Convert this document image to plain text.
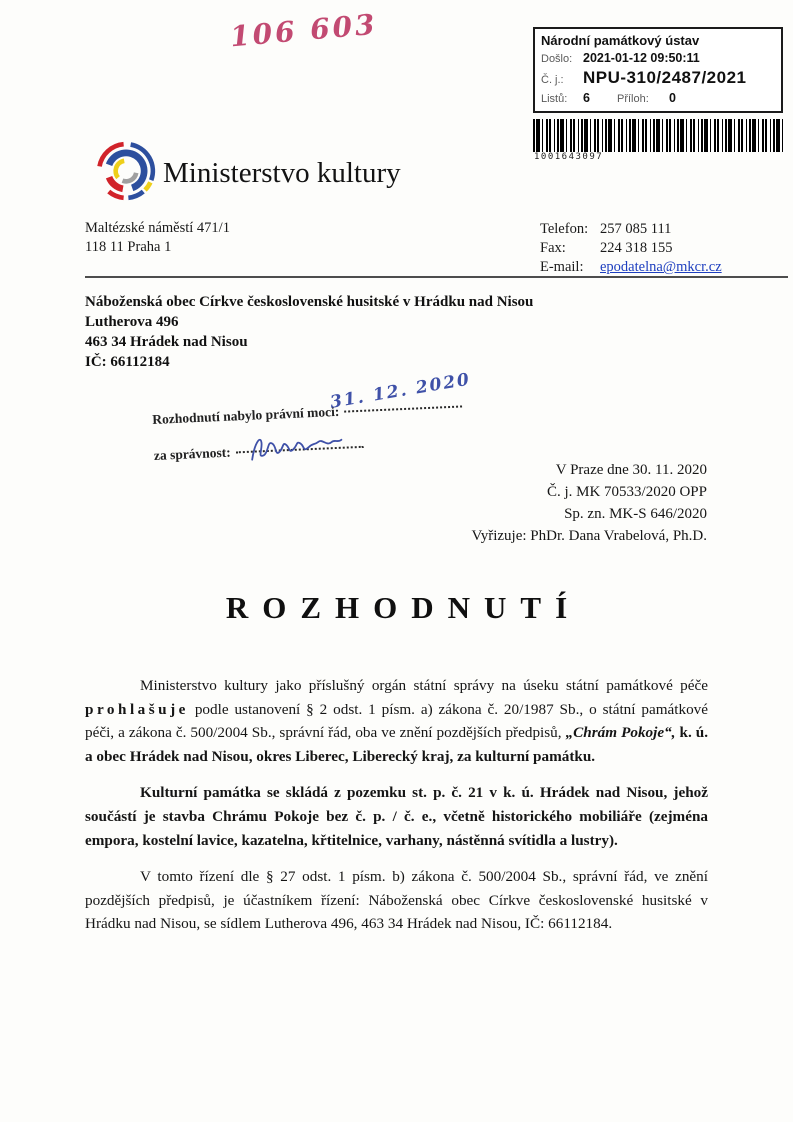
106 603	Národní památkový ústav
Došlo: 2021-01-12 09:50:11
Č. j.:	NPU-310/2487/2021
Listů:	6	Příloh:	0
1001643097
Ministerstvo kultury
Maltézské náměstí 471/1
118 11 Praha 1
Telefon: 257 085 111
Fax:	224 318 155
E-mail:	epodatelna@mkcr.cz
Náboženská obec Církve československé husitské v Hrádku nad Nisou
Lutherova 496
463 34 Hrádek nad Nisou
IČ: 66112184
Rozhodnutí nabylo právní moci:
31. 12. 2020
za správnost:
V Praze dne 30. 11. 2020
Č. j. MK 70533/2020 OPP
Sp. zn. MK-S 646/2020
Vyřizuje: PhDr. Dana Vrabelová, Ph.D.
ROZHODNUTÍ

Ministerstvo kultury jako příslušný orgán státní správy na úseku státní památkové péče prohlašuje podle ustanovení § 2 odst. 1 písm. a) zákona č. 20/1987 Sb., o státní památkové péči, a zákona č. 500/2004 Sb., správní řád, oba ve znění pozdějších předpisů, „Chrám Pokoje“, k. ú. a obec Hrádek nad Nisou, okres Liberec, Liberecký kraj, za kulturní památku.

Kulturní památka se skládá z pozemku st. p. č. 21 v k. ú. Hrádek nad Nisou, jehož součástí je stavba Chrámu Pokoje bez č. p. / č. e., včetně historického mobiliáře (zejména empora, kostelní lavice, kazatelna, křtitelnice, varhany, nástěnná svítidla a lustry).

V tomto řízení dle § 27 odst. 1 písm. b) zákona č. 500/2004 Sb., správní řád, ve znění pozdějších předpisů, je účastníkem řízení: Náboženská obec Církve československé husitské v Hrádku nad Nisou, se sídlem Lutherova 496, 463 34 Hrádek nad Nisou, IČ: 66112184.
